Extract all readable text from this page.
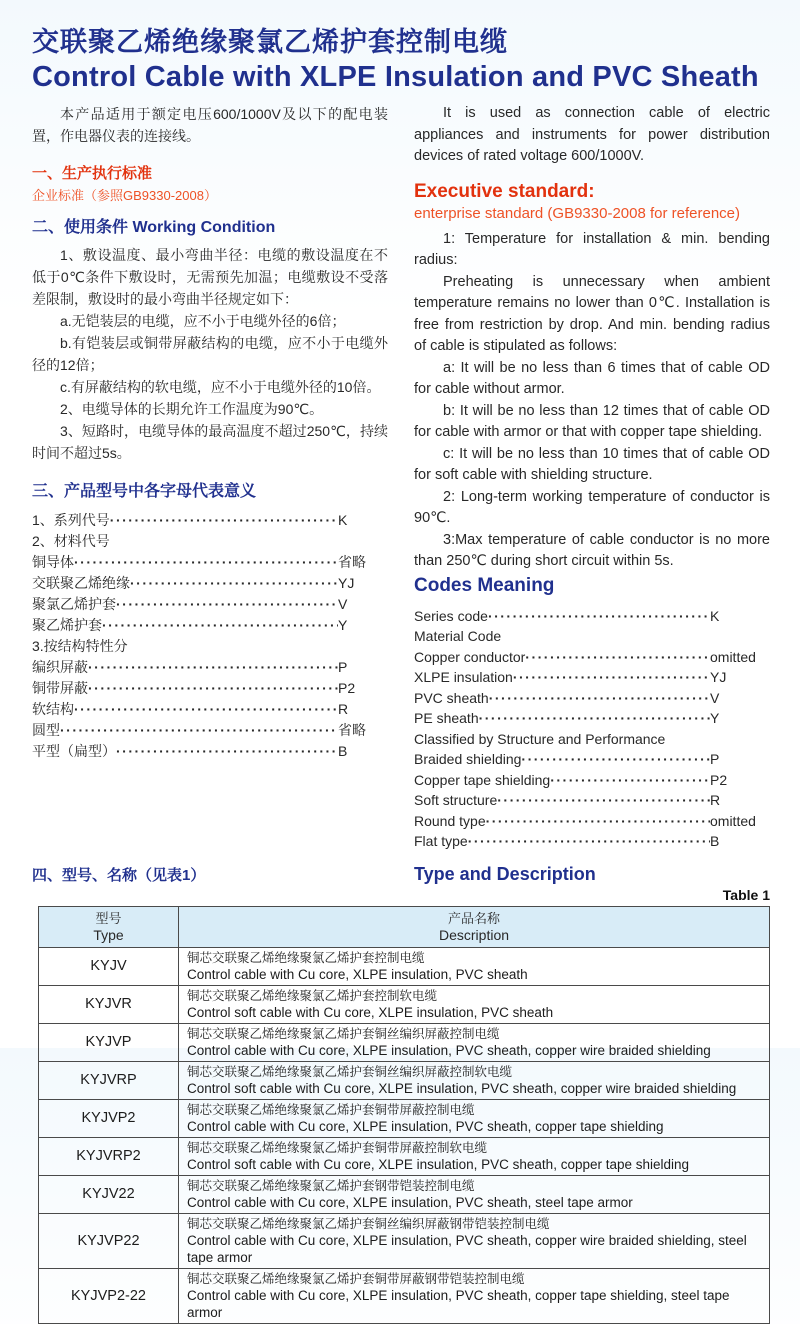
交联聚乙烯绝缘聚氯乙烯护套控制电缆
Control Cable with XLPE Insulation and PVC Sheath

本产品适用于额定电压600/1000V及以下的配电装置，作电器仪表的连接线。

一、生产执行标准
企业标准（参照GB9330-2008）
二、使用条件 Working Condition

1、敷设温度、最小弯曲半径：电缆的敷设温度在不低于0℃条件下敷设时，无需预先加温；电缆敷设不受落差限制，敷设时的最小弯曲半径规定如下：

a.无铠装层的电缆，应不小于电缆外径的6倍；

b.有铠装层或铜带屏蔽结构的电缆，应不小于电缆外径的12倍；

c.有屏蔽结构的软电缆，应不小于电缆外径的10倍。

2、电缆导体的长期允许工作温度为90℃。

3、短路时，电缆导体的最高温度不超过250℃，持续时间不超过5s。

三、产品型号中各字母代表意义
1、系列代号 ·····	K
2、材料代号
铜导体 ·····	省略
交联聚乙烯绝缘 ·····	YJ
聚氯乙烯护套 ·····	V
聚乙烯护套 ·····	Y
3.按结构特性分
编织屏蔽 ·····	P
铜带屏蔽 ·····	P2
软结构 ·····	R
圆型 ·····	省略
平型（扁型） ·····	B

It is used as connection cable of electric appliances and instruments for power distribution devices of rated voltage 600/1000V.

Executive standard:
enterprise standard (GB9330-2008 for reference)

1: Temperature for installation & min. bending radius:

Preheating is unnecessary when ambient temperature remains no lower than 0℃. Installation is free from restriction by drop. And min. bending radius of cable is stipulated as follows:

a: It will be no less than 6 times that of cable OD for cable without armor.

b: It will be no less than 12 times that of cable OD for cable with armor or that with copper tape shielding.

c: It will be no less than 10 times that of cable OD for soft cable with shielding structure.

2: Long-term working temperature of conductor is 90℃.

3:Max temperature of cable conductor is no more than 250℃ during short circuit within 5s.

Codes Meaning
Series code ·····	K
Material Code
Copper conductor ·····	omitted
XLPE insulation ·····	YJ
PVC sheath ·····	V
PE sheath ·····	Y
Classified by Structure and Performance
Braided shielding ·····	P
Copper tape shielding ·····	P2
Soft structure ·····	R
Round type ·····	omitted
Flat type ·····	B
四、型号、名称（见表1）	Type and Description
Table 1
型号
Type

产品名称
Description

KYJV	铜芯交联聚乙烯绝缘聚氯乙烯护套控制电缆
Control cable with Cu core, XLPE insulation, PVC sheath

KYJVR	铜芯交联聚乙烯绝缘聚氯乙烯护套控制软电缆
Control soft cable with Cu core, XLPE insulation, PVC sheath

KYJVP	铜芯交联聚乙烯绝缘聚氯乙烯护套铜丝编织屏蔽控制电缆
Control cable with Cu core, XLPE insulation, PVC sheath, copper wire braided shielding

KYJVRP	铜芯交联聚乙烯绝缘聚氯乙烯护套铜丝编织屏蔽控制软电缆
Control soft cable with Cu core, XLPE insulation, PVC sheath, copper wire braided shielding

KYJVP2	铜芯交联聚乙烯绝缘聚氯乙烯护套铜带屏蔽控制电缆
Control cable with Cu core, XLPE insulation, PVC sheath, copper tape shielding

KYJVRP2	铜芯交联聚乙烯绝缘聚氯乙烯护套铜带屏蔽控制软电缆
Control soft cable with Cu core, XLPE insulation, PVC sheath, copper tape shielding

KYJV22	铜芯交联聚乙烯绝缘聚氯乙烯护套钢带铠装控制电缆
Control cable with Cu core, XLPE insulation, PVC sheath, steel tape armor

KYJVP22	铜芯交联聚乙烯绝缘聚氯乙烯护套铜丝编织屏蔽钢带铠装控制电缆
Control cable with Cu core, XLPE insulation, PVC sheath, copper wire braided shielding, steel tape armor

KYJVP2-22	铜芯交联聚乙烯绝缘聚氯乙烯护套铜带屏蔽钢带铠装控制电缆
Control cable with Cu core, XLPE insulation, PVC sheath, copper tape shielding, steel tape armor
